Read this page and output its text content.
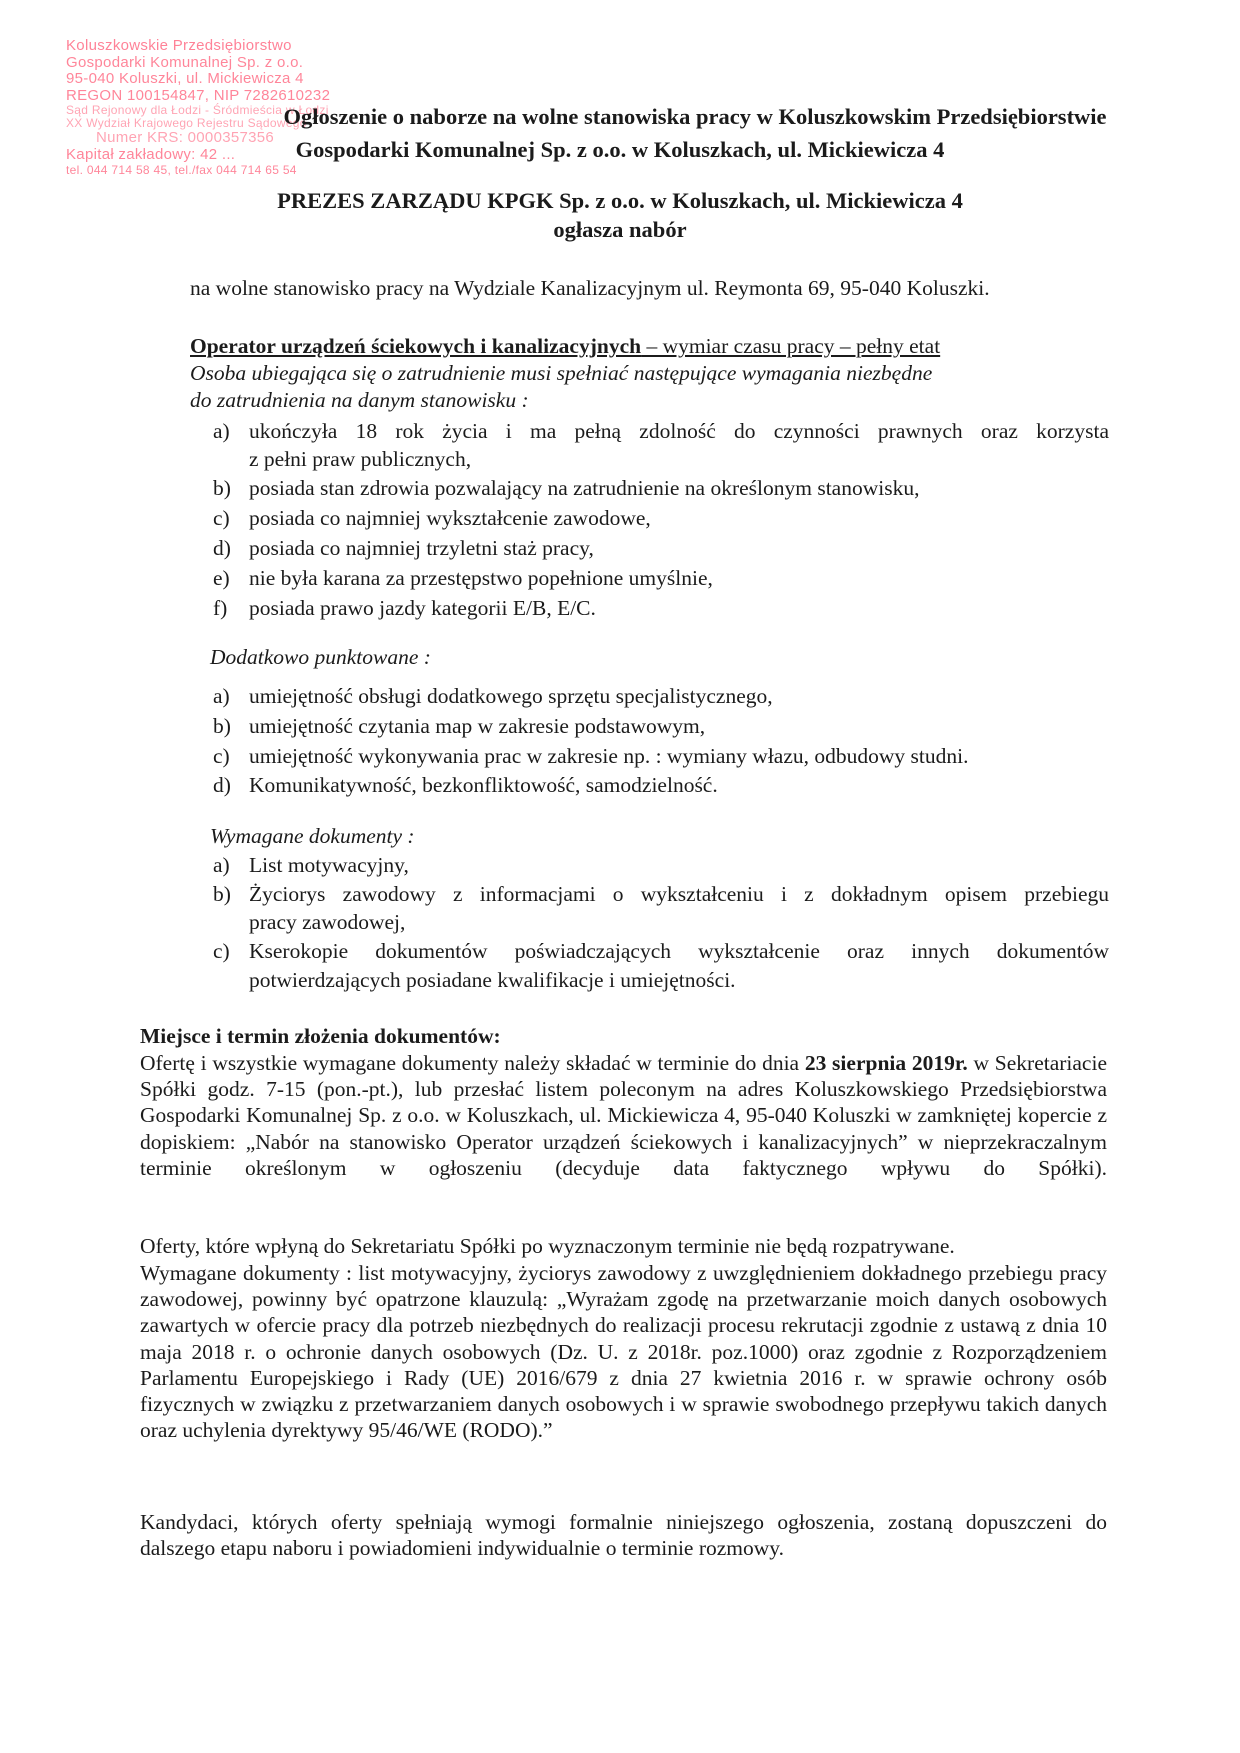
Koluszkowskie Przedsiębiorstwo
Gospodarki Komunalnej Sp. z o.o.
95-040 Koluszki, ul. Mickiewicza 4
REGON 100154847, NIP 7282610232
Sąd Rejonowy dla Łodzi - Śródmieścia w Łodzi
XX Wydział Krajowego Rejestru Sądowego
Numer KRS: 0000357356
Kapitał zakładowy: 42 ...
tel. 044 714 58 45, tel./fax 044 714 65 54
Ogłoszenie o naborze na wolne stanowiska pracy w Koluszkowskim Przedsiębiorstwie
Gospodarki Komunalnej Sp. z o.o. w Koluszkach, ul. Mickiewicza 4
PREZES ZARZĄDU KPGK Sp. z o.o. w Koluszkach, ul. Mickiewicza 4
ogłasza nabór
na wolne stanowisko pracy na Wydziale Kanalizacyjnym ul. Reymonta 69, 95-040 Koluszki.
Operator urządzeń ściekowych i kanalizacyjnych – wymiar czasu pracy – pełny etat
Osoba ubiegająca się o zatrudnienie musi spełniać następujące wymagania niezbędne
do zatrudnienia na danym stanowisku :
a) ukończyła 18 rok życia i ma pełną zdolność do czynności prawnych oraz korzysta
z pełni praw publicznych,
b) posiada stan zdrowia pozwalający na zatrudnienie na określonym stanowisku,
c) posiada co najmniej wykształcenie zawodowe,
d) posiada co najmniej trzyletni staż pracy,
e) nie była karana za przestępstwo popełnione umyślnie,
f) posiada prawo jazdy kategorii E/B, E/C.
Dodatkowo punktowane :
a) umiejętność obsługi dodatkowego sprzętu specjalistycznego,
b) umiejętność czytania map w zakresie podstawowym,
c) umiejętność wykonywania prac w zakresie np. : wymiany włazu, odbudowy studni.
d) Komunikatywność, bezkonfliktowość, samodzielność.
Wymagane dokumenty :
a) List motywacyjny,
b) Życiorys zawodowy z informacjami o wykształceniu i z dokładnym opisem przebiegu
pracy zawodowej,
c) Kserokopie dokumentów poświadczających wykształcenie oraz innych dokumentów
potwierdzających posiadane kwalifikacje i umiejętności.
Miejsce i termin złożenia dokumentów:
Ofertę i wszystkie wymagane dokumenty należy składać w terminie do dnia 23 sierpnia 2019r. w Sekretariacie Spółki godz. 7-15 (pon.-pt.), lub przesłać listem poleconym na adres Koluszkowskiego Przedsiębiorstwa Gospodarki Komunalnej Sp. z o.o. w Koluszkach, ul. Mickiewicza 4, 95-040 Koluszki w zamkniętej kopercie z dopiskiem: „Nabór na stanowisko Operator urządzeń ściekowych i kanalizacyjnych” w nieprzekraczalnym terminie określonym w ogłoszeniu (decyduje data faktycznego wpływu do Spółki).
Oferty, które wpłyną do Sekretariatu Spółki po wyznaczonym terminie nie będą rozpatrywane.
Wymagane dokumenty : list motywacyjny, życiorys zawodowy z uwzględnieniem dokładnego przebiegu pracy zawodowej, powinny być opatrzone klauzulą: „Wyrażam zgodę na przetwarzanie moich danych osobowych zawartych w ofercie pracy dla potrzeb niezbędnych do realizacji procesu rekrutacji zgodnie z ustawą z dnia 10 maja 2018 r. o ochronie danych osobowych (Dz. U. z 2018r. poz.1000) oraz zgodnie z Rozporządzeniem Parlamentu Europejskiego i Rady (UE) 2016/679 z dnia 27 kwietnia 2016 r. w sprawie ochrony osób fizycznych w związku z przetwarzaniem danych osobowych i w sprawie swobodnego przepływu takich danych oraz uchylenia dyrektywy 95/46/WE (RODO).”
Kandydaci, których oferty spełniają wymogi formalnie niniejszego ogłoszenia, zostaną dopuszczeni do dalszego etapu naboru i powiadomieni indywidualnie o terminie rozmowy.
